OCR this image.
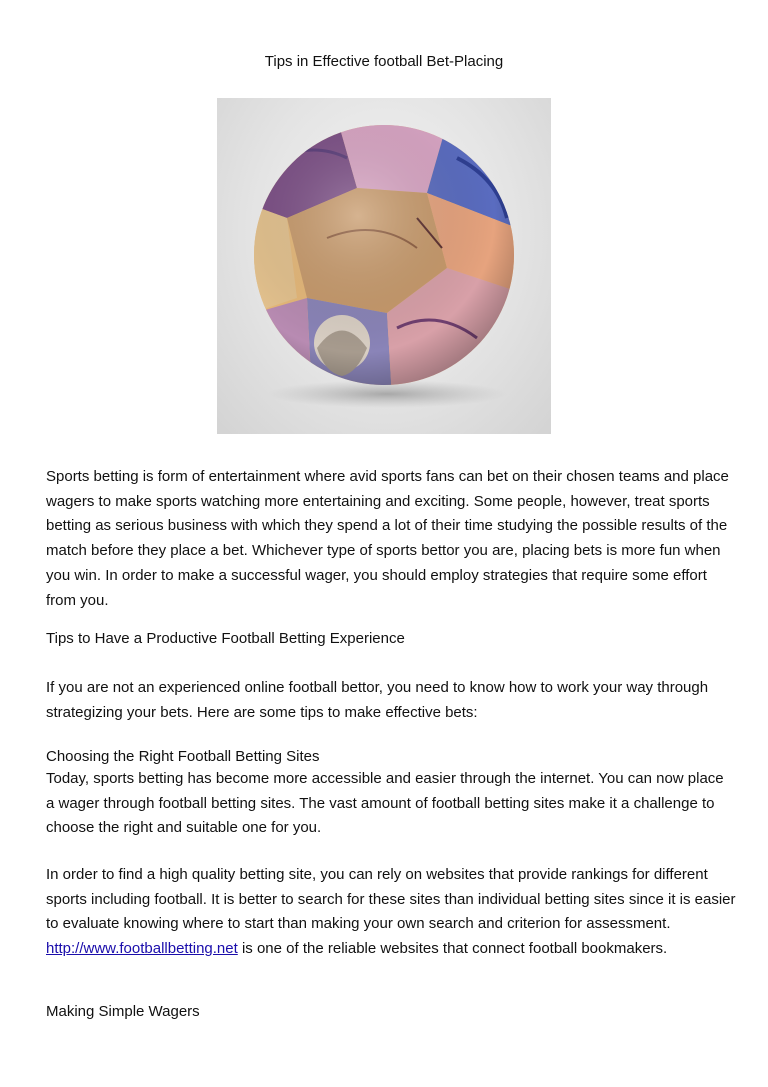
Tips in Effective football Bet-Placing

Sports betting is form of entertainment where avid sports fans can bet on their chosen teams and place wagers to make sports watching more entertaining and exciting. Some people, however, treat sports betting as serious business with which they spend a lot of their time studying the possible results of the match before they place a bet. Whichever type of sports bettor you are, placing bets is more fun when you win. In order to make a successful wager, you should employ strategies that require some effort from you.

Tips to Have a Productive Football Betting Experience

If you are not an experienced online football bettor, you need to know how to work your way through strategizing your bets. Here are some tips to make effective bets:

Choosing the Right Football Betting Sites

Today, sports betting has become more accessible and easier through the internet. You can now place a wager through football betting sites. The vast amount of football betting sites make it a challenge to choose the right and suitable one for you.

In order to find a high quality betting site, you can rely on websites that provide rankings for different sports including football. It is better to search for these sites than individual betting sites since it is easier to evaluate knowing where to start than making your own search and criterion for assessment. http://www.footballbetting.net is one of the reliable websites that connect football bookmakers.

Making Simple Wagers
